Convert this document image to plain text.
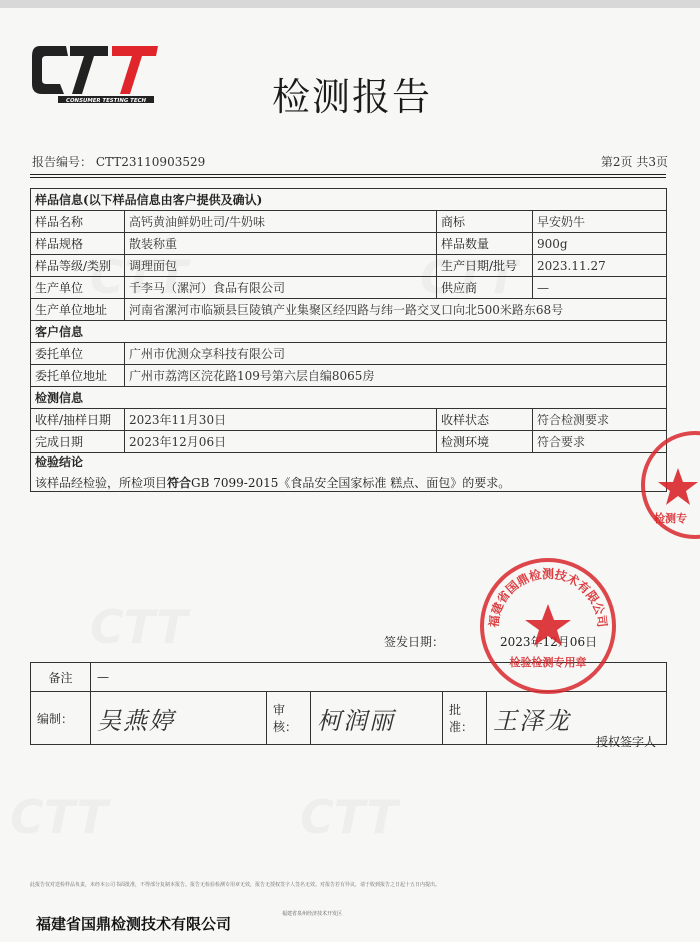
CONSUMER TESTING TECH	检测报告
报告编号： CTT23110903529	第2页 共3页
样品信息(以下样品信息由客户提供及确认)			
样品名称	高钙黄油鲜奶吐司/牛奶味	商标	早安奶牛
样品规格	散装称重	样品数量	900g
样品等级/类别	调理面包	生产日期/批号	2023.11.27
生产单位	千李马（漯河）食品有限公司	供应商	—
生产单位地址	河南省漯河市临颍县巨陵镇产业集聚区经四路与纬一路交叉口向北500米路东68号		
客户信息			
委托单位	广州市优测众享科技有限公司		
委托单位地址	广州市荔湾区浣花路109号第六层自编8065房		
检测信息			
收样/抽样日期	2023年11月30日	收样状态	符合检测要求
完成日期	2023年12月06日	检测环境	符合要求

检验结论
该样品经检验，所检项目符合GB 7099-2015《食品安全国家标准 糕点、面包》的要求。			
签发日期：	2023年12月06日
备注	—				
编制：	吴燕婷	审核：	柯润丽	批准：	王泽龙
授权签字人
福建省国鼎检测技术有限公司
检验检测专用章
检测专
此报告仅对送检样品负责，未经本公司书面批准，不得部分复制本报告。报告无检验检测专用章无效，报告无授权签字人签名无效。对报告若有异议，请于收到报告之日起十五日内提出。
福建省国鼎检测技术有限公司
福建省泉州经济技术开发区
